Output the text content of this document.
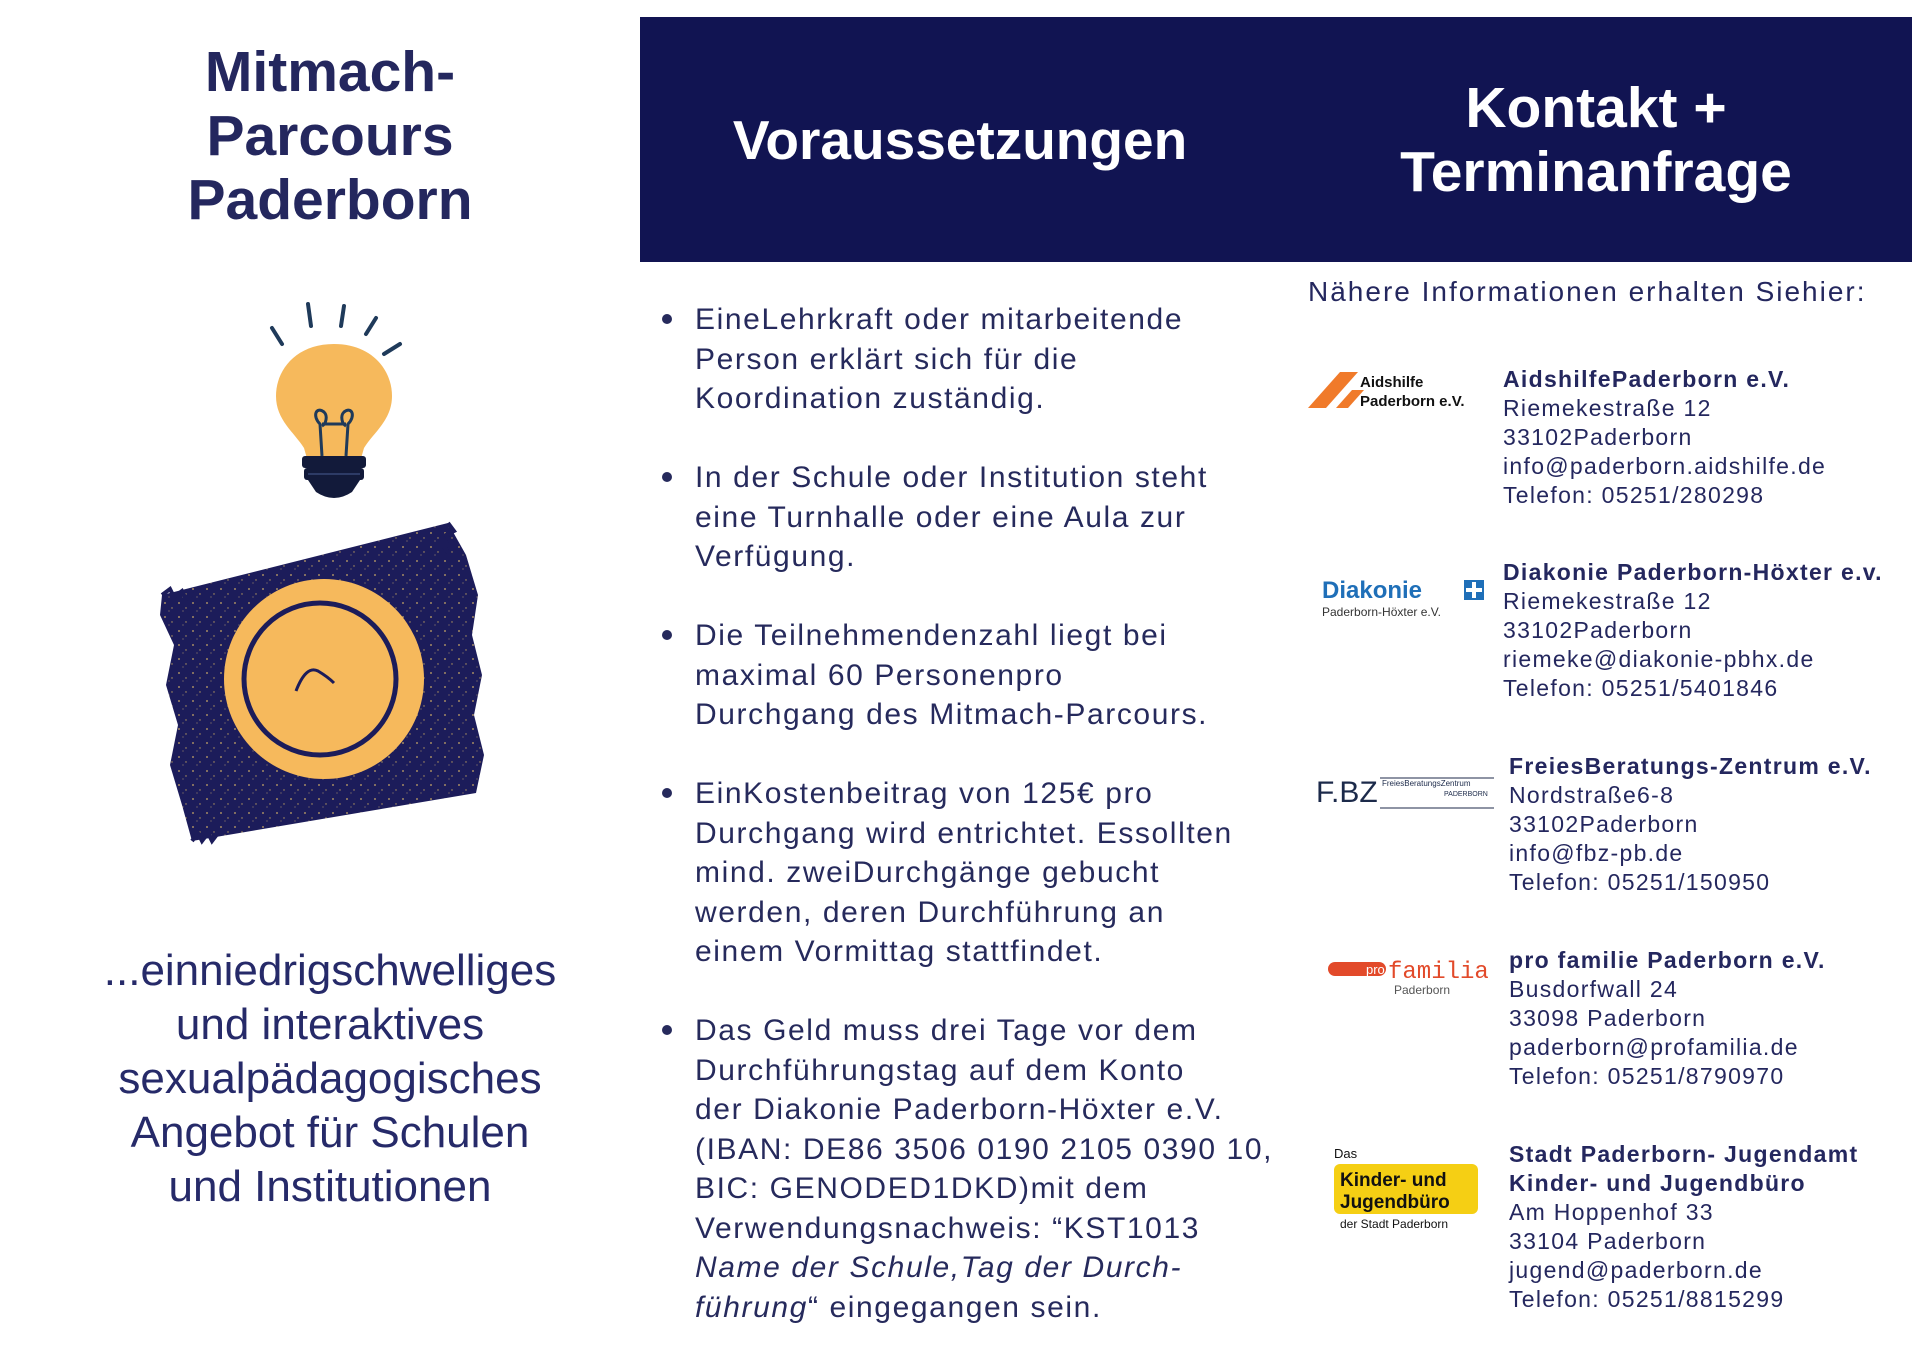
Mitmach-
Parcours
Paderborn
...einniedrigschwelliges
und interaktives
sexualpädagogisches
Angebot für Schulen
und Institutionen
Voraussetzungen	Kontakt +
Terminanfrage
EineLehrkraft oder mitarbeitende
Person erklärt sich für die
Koordination zuständig.
In der Schule oder Institution steht
eine Turnhalle oder eine Aula zur
Verfügung.
Die Teilnehmendenzahl liegt bei
maximal 60 Personenpro
Durchgang des Mitmach-Parcours.
EinKostenbeitrag von 125€ pro
Durchgang wird entrichtet. Essollten
mind. zweiDurchgänge gebucht
werden, deren Durchführung an
einem Vormittag stattfindet.
Das Geld muss drei Tage vor dem
Durchführungstag auf dem Konto
der Diakonie Paderborn-Höxter e.V.
(IBAN: DE86 3506 0190 2105 0390 10,
BIC: GENODED1DKD)mit dem
Verwendungsnachweis: “KST1013
Name der Schule,Tag der Durch-
führung“ eingegangen sein.
Nähere Informationen erhalten Siehier:
Aidshilfe
Paderborn e.V.
AidshilfePaderborn e.V.
Riemekestraße 12
33102Paderborn
info@paderborn.aidshilfe.de
Telefon: 05251/280298
Diakonie
Paderborn-Höxter e.V.
Diakonie Paderborn-Höxter e.v.
Riemekestraße 12
33102Paderborn
riemeke@diakonie-pbhx.de
Telefon: 05251/5401846
F.BZ FreiesBeratungsZentrum
PADERBORN
FreiesBeratungs-Zentrum e.V.
Nordstraße6-8
33102Paderborn
info@fbz-pb.de
Telefon: 05251/150950
pro familia
Paderborn
pro familie Paderborn e.V.
Busdorfwall 24
33098 Paderborn
paderborn@profamilia.de
Telefon: 05251/8790970
Das
Kinder- und
Jugendbüro
der Stadt Paderborn
Stadt Paderborn- Jugendamt
Kinder- und Jugendbüro
Am Hoppenhof 33
33104 Paderborn
jugend@paderborn.de
Telefon: 05251/8815299
